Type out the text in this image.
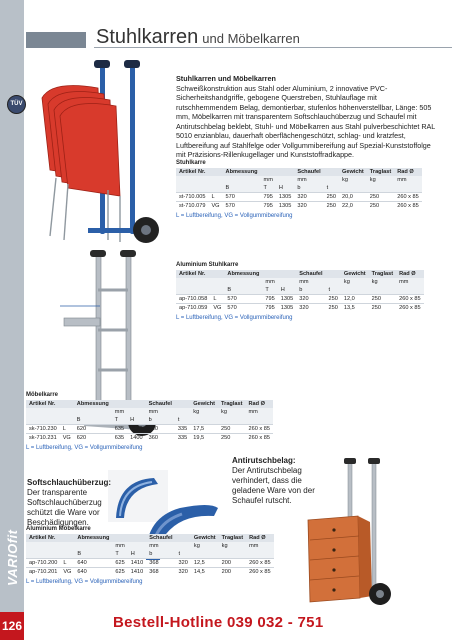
VARIOfit
126
Stuhlkarren und Möbelkarren
TÜV
Stuhlkarren und Möbelkarren
Schweißkonstruktion aus Stahl oder Aluminium, 2 innovative PVC-Sicherheitshandgriffe, gebogene Querstreben, Stuhlauflage mit rutschhemmendem Belag, demontierbar, stufenlos höhenverstellbar, Länge: 505 mm, Möbelkarren mit transparentem Softschlauchüberzug und Schaufel mit Antirutschbelag beklebt, Stuhl- und Möbelkarren aus Stahl pulverbeschichtet RAL 5010 enzianblau, dauerhaft oberflächengeschützt, schlag- und kratzfest, Luftbereifung auf Stahlfelge oder Vollgummibereifung auf Spezial-Kunststoffolge mit Präzisions-Rillenkugellager und Kunststoffradkappe.
Stuhlkarre
Artikel Nr.		Abmessung			Schaufel		Gewicht	Traglast	Rad Ø
			mm		mm		kg	kg	mm
		B	T	H	b	t			
st-710.005	L	570	795	1305	320	250	20,0	250	260 x 85
st-710.079	VG	570	795	1305	320	250	22,0	250	260 x 85
L = Luftbereifung, VG = Vollgummibereifung
Aluminium Stuhlkarre
Artikel Nr.		Abmessung			Schaufel		Gewicht	Traglast	Rad Ø
			mm		mm		kg	kg	mm
		B	T	H	b	t			
ap-710.058	L	570	795	1305	320	250	12,0	250	260 x 85
ap-710.059	VG	570	795	1305	320	250	13,5	250	260 x 85
L = Luftbereifung, VG = Vollgummibereifung
Möbelkarre
Artikel Nr.		Abmessung			Schaufel		Gewicht	Traglast	Rad Ø
			mm		mm		kg	kg	mm
		B	T	H	b	t			
sk-710.230	L	620	635	1400	360	335	17,5	250	260 x 85
sk-710.231	VG	620	635	1400	360	335	19,5	250	260 x 85
L = Luftbereifung, VG = Vollgummibereifung
Antirutschbelag:
Der Antirutschbelag
verhindert, dass die
geladene Ware von der
Schaufel rutscht.
Softschlauchüberzug:
Der transparente
Softschlauchüberzug
schützt die Ware vor
Beschädigungen.
Aluminium Möbelkarre
Artikel Nr.		Abmessung			Schaufel		Gewicht	Traglast	Rad Ø
			mm		mm		kg	kg	mm
		B	T	H	b	t			
ap-710.200	L	640	625	1410	368	320	12,5	200	260 x 85
ap-710.201	VG	640	625	1410	368	320	14,5	200	260 x 85
L = Luftbereifung, VG = Vollgummibereifung
Bestell-Hotline 039 032 - 751
